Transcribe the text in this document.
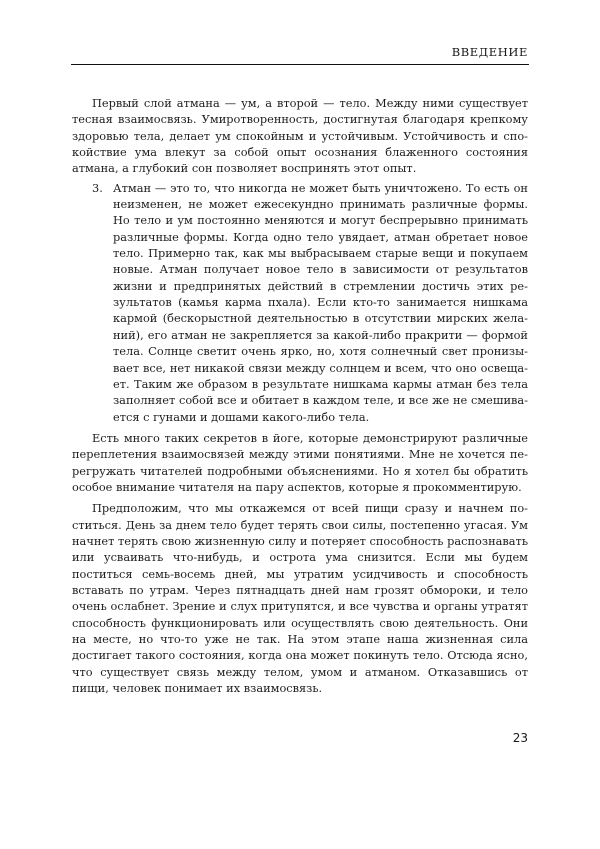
ВВЕДЕНИЕ

Первый слой атмана — ум, а второй — тело. Между ними существует тесная взаимосвязь. Умиротворенность, достигнутая благодаря крепкому здоровью тела, делает ум спокойным и устойчивым. Устойчивость и спокойствие ума влекут за собой опыт осознания блаженного состояния атмана, а глубокий сон позволяет воспринять этот опыт.

3. Атман — это то, что никогда не может быть уничтожено. То есть он неизменен, не может ежесекундно принимать различные формы. Но тело и ум постоянно меняются и могут беспрерывно принимать различные формы. Когда одно тело увядает, атман обретает новое тело. Примерно так, как мы выбрасываем старые вещи и покупаем новые. Атман получает новое тело в зависимости от результатов жизни и предпринятых действий в стремлении достичь этих результатов (камья карма пхала). Если кто-то занимается нишкама кармой (бескорыстной деятельностью в отсутствии мирских желаний), его атман не закрепляется за какой-либо пракрити — формой тела. Солнце светит очень ярко, но, хотя солнечный свет пронизывает все, нет никакой связи между солнцем и всем, что оно освещает. Таким же образом в результате нишкама кармы атман без тела заполняет собой все и обитает в каждом теле, и все же не смешивается с гунами и дошами какого-либо тела.

Есть много таких секретов в йоге, которые демонстрируют различные переплетения взаимосвязей между этими понятиями. Мне не хочется перегружать читателей подробными объяснениями. Но я хотел бы обратить особое внимание читателя на пару аспектов, которые я прокомментирую.

Предположим, что мы откажемся от всей пищи сразу и начнем поститься. День за днем тело будет терять свои силы, постепенно угасая. Ум начнет терять свою жизненную силу и потеряет способность распознавать или усваивать что-нибудь, и острота ума снизится. Если мы будем поститься семь-восемь дней, мы утратим усидчивость и способность вставать по утрам. Через пятнадцать дней нам грозят обмороки, и тело очень ослабнет. Зрение и слух притупятся, и все чувства и органы утратят способность функционировать или осуществлять свою деятельность. Они на месте, но что-то уже не так. На этом этапе наша жизненная сила достигает такого состояния, когда она может покинуть тело. Отсюда ясно, что существует связь между телом, умом и атманом. Отказавшись от пищи, человек понимает их взаимосвязь.

23
